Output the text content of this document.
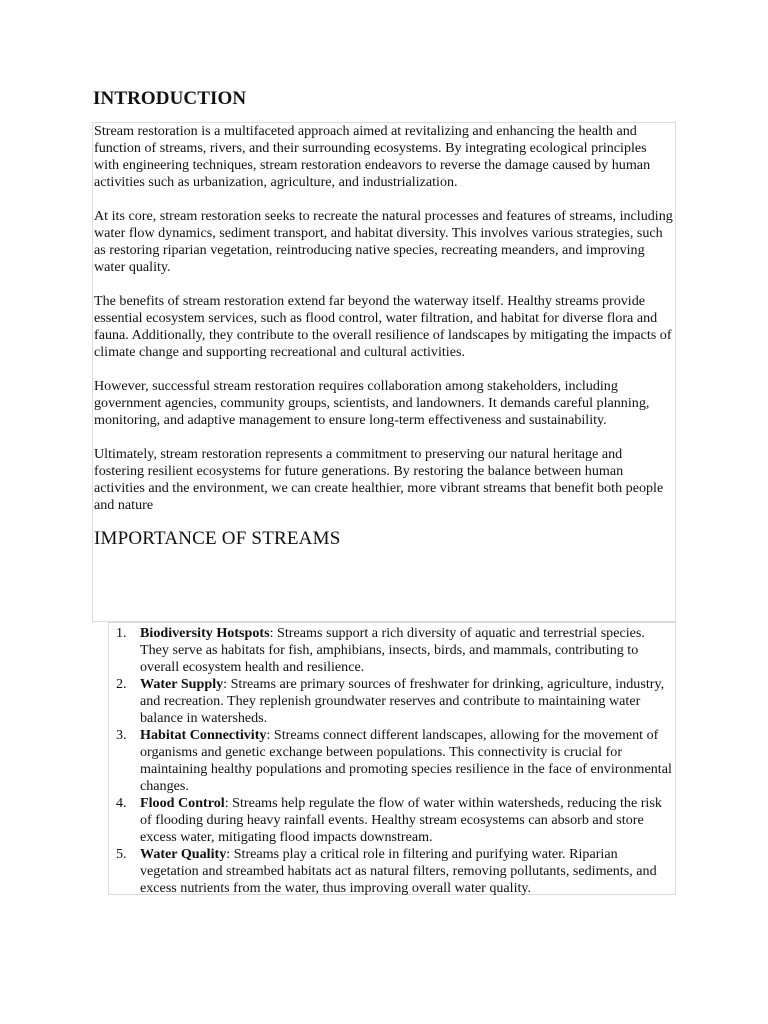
INTRODUCTION

Stream restoration is a multifaceted approach aimed at revitalizing and enhancing the health and function of streams, rivers, and their surrounding ecosystems. By integrating ecological principles with engineering techniques, stream restoration endeavors to reverse the damage caused by human activities such as urbanization, agriculture, and industrialization.

At its core, stream restoration seeks to recreate the natural processes and features of streams, including water flow dynamics, sediment transport, and habitat diversity. This involves various strategies, such as restoring riparian vegetation, reintroducing native species, recreating meanders, and improving water quality.

The benefits of stream restoration extend far beyond the waterway itself. Healthy streams provide essential ecosystem services, such as flood control, water filtration, and habitat for diverse flora and fauna. Additionally, they contribute to the overall resilience of landscapes by mitigating the impacts of climate change and supporting recreational and cultural activities.

However, successful stream restoration requires collaboration among stakeholders, including government agencies, community groups, scientists, and landowners. It demands careful planning, monitoring, and adaptive management to ensure long-term effectiveness and sustainability.

Ultimately, stream restoration represents a commitment to preserving our natural heritage and fostering resilient ecosystems for future generations. By restoring the balance between human activities and the environment, we can create healthier, more vibrant streams that benefit both people and nature

IMPORTANCE OF STREAMS
1. Biodiversity Hotspots: Streams support a rich diversity of aquatic and terrestrial species. They serve as habitats for fish, amphibians, insects, birds, and mammals, contributing to overall ecosystem health and resilience.
2. Water Supply: Streams are primary sources of freshwater for drinking, agriculture, industry, and recreation. They replenish groundwater reserves and contribute to maintaining water balance in watersheds.
3. Habitat Connectivity: Streams connect different landscapes, allowing for the movement of organisms and genetic exchange between populations. This connectivity is crucial for maintaining healthy populations and promoting species resilience in the face of environmental changes.
4. Flood Control: Streams help regulate the flow of water within watersheds, reducing the risk of flooding during heavy rainfall events. Healthy stream ecosystems can absorb and store excess water, mitigating flood impacts downstream.
5. Water Quality: Streams play a critical role in filtering and purifying water. Riparian vegetation and streambed habitats act as natural filters, removing pollutants, sediments, and excess nutrients from the water, thus improving overall water quality.
